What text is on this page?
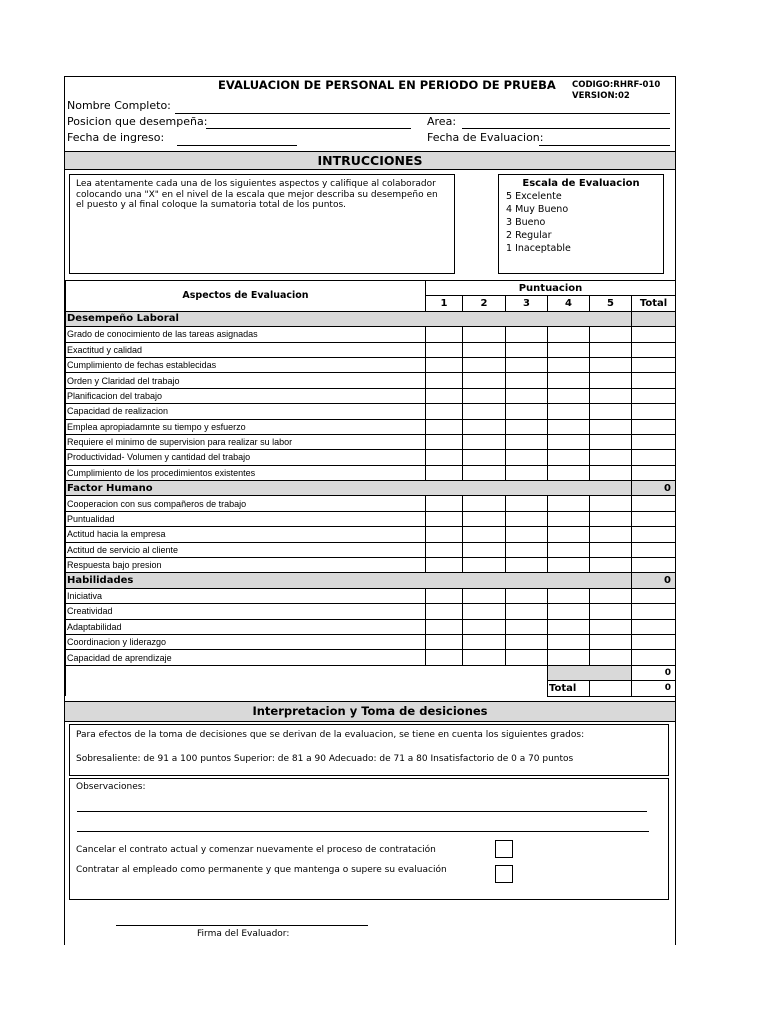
EVALUACION DE PERSONAL EN PERIODO DE PRUEBA CODIGO:RHRF-010
VERSION:02
Nombre Completo:
Posicion que desempeña:	Area:
Fecha de ingreso:	Fecha de Evaluacion:
INTRUCCIONES
Lea atentamente cada una de los siguientes aspectos y califique al colaborador colocando una "X" en el nivel de la escala que mejor describa su desempeño en el puesto y al final coloque la sumatoria total de los puntos.
Escala de Evaluacion
5 Excelente
4 Muy Bueno
3 Bueno
2 Regular
1 Inaceptable
Aspectos de Evaluacion	Puntuacion					
	1	2	3	4	5	Total
Desempeño Laboral						
Grado de conocimiento de las tareas asignadas						
Exactitud y calidad						
Cumplimiento de fechas establecidas						
Orden y Claridad del trabajo						
Planificacion del trabajo						
Capacidad de realizacion						
Emplea apropiadamnte su tiempo y esfuerzo						
Requiere el minimo de supervision para realizar su labor						
Productividad- Volumen y cantidad del trabajo						
Cumplimiento de los procedimientos existentes						
Factor Humano						0
Cooperacion con sus compañeros de trabajo						
Puntualidad						
Actitud hacia la empresa						
Actitud de servicio al cliente						
Respuesta bajo presion						
Habilidades						0
Iniciativa						
Creatividad						
Adaptabilidad						
Coordinacion y liderazgo						
Capacidad de aprendizaje						
						0
				Total		0
Interpretacion y Toma de desiciones
Para efectos de la toma de decisiones que se derivan de la evaluacion, se tiene en cuenta los siguientes grados:
Sobresaliente: de 91 a 100 puntos Superior: de 81 a 90 Adecuado: de 71 a 80 Insatisfactorio de 0 a 70 puntos
Observaciones:
Cancelar el contrato actual y comenzar nuevamente el proceso de contratación
Contratar al empleado como permanente y que mantenga o supere su evaluación
Firma del Evaluador:
